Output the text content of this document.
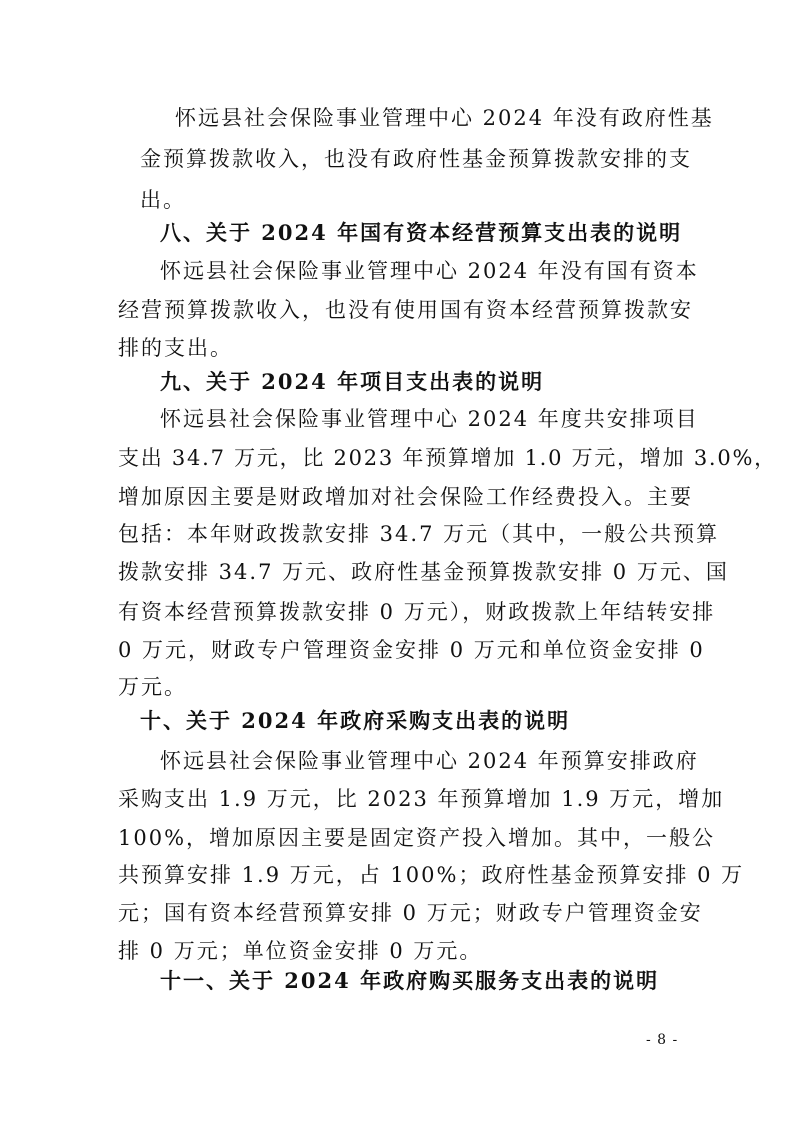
怀远县社会保险事业管理中心 2024 年没有政府性基

金预算拨款收入，也没有政府性基金预算拨款安排的支

出。

八、关于 2024 年国有资本经营预算支出表的说明

怀远县社会保险事业管理中心 2024 年没有国有资本

经营预算拨款收入，也没有使用国有资本经营预算拨款安

排的支出。

九、关于 2024 年项目支出表的说明

怀远县社会保险事业管理中心 2024 年度共安排项目

支出 34.7 万元，比 2023 年预算增加 1.0 万元，增加 3.0%，

增加原因主要是财政增加对社会保险工作经费投入。主要

包括：本年财政拨款安排 34.7 万元（其中，一般公共预算

拨款安排 34.7 万元、政府性基金预算拨款安排 0 万元、国

有资本经营预算拨款安排 0 万元），财政拨款上年结转安排

0 万元，财政专户管理资金安排 0 万元和单位资金安排 0

万元。

十、关于 2024 年政府采购支出表的说明

怀远县社会保险事业管理中心 2024 年预算安排政府

采购支出 1.9 万元，比 2023 年预算增加 1.9 万元，增加

100%，增加原因主要是固定资产投入增加。其中，一般公

共预算安排 1.9 万元，占 100%；政府性基金预算安排 0 万

元；国有资本经营预算安排 0 万元；财政专户管理资金安

排 0 万元；单位资金安排 0 万元。

十一、关于 2024 年政府购买服务支出表的说明

- 8 -
